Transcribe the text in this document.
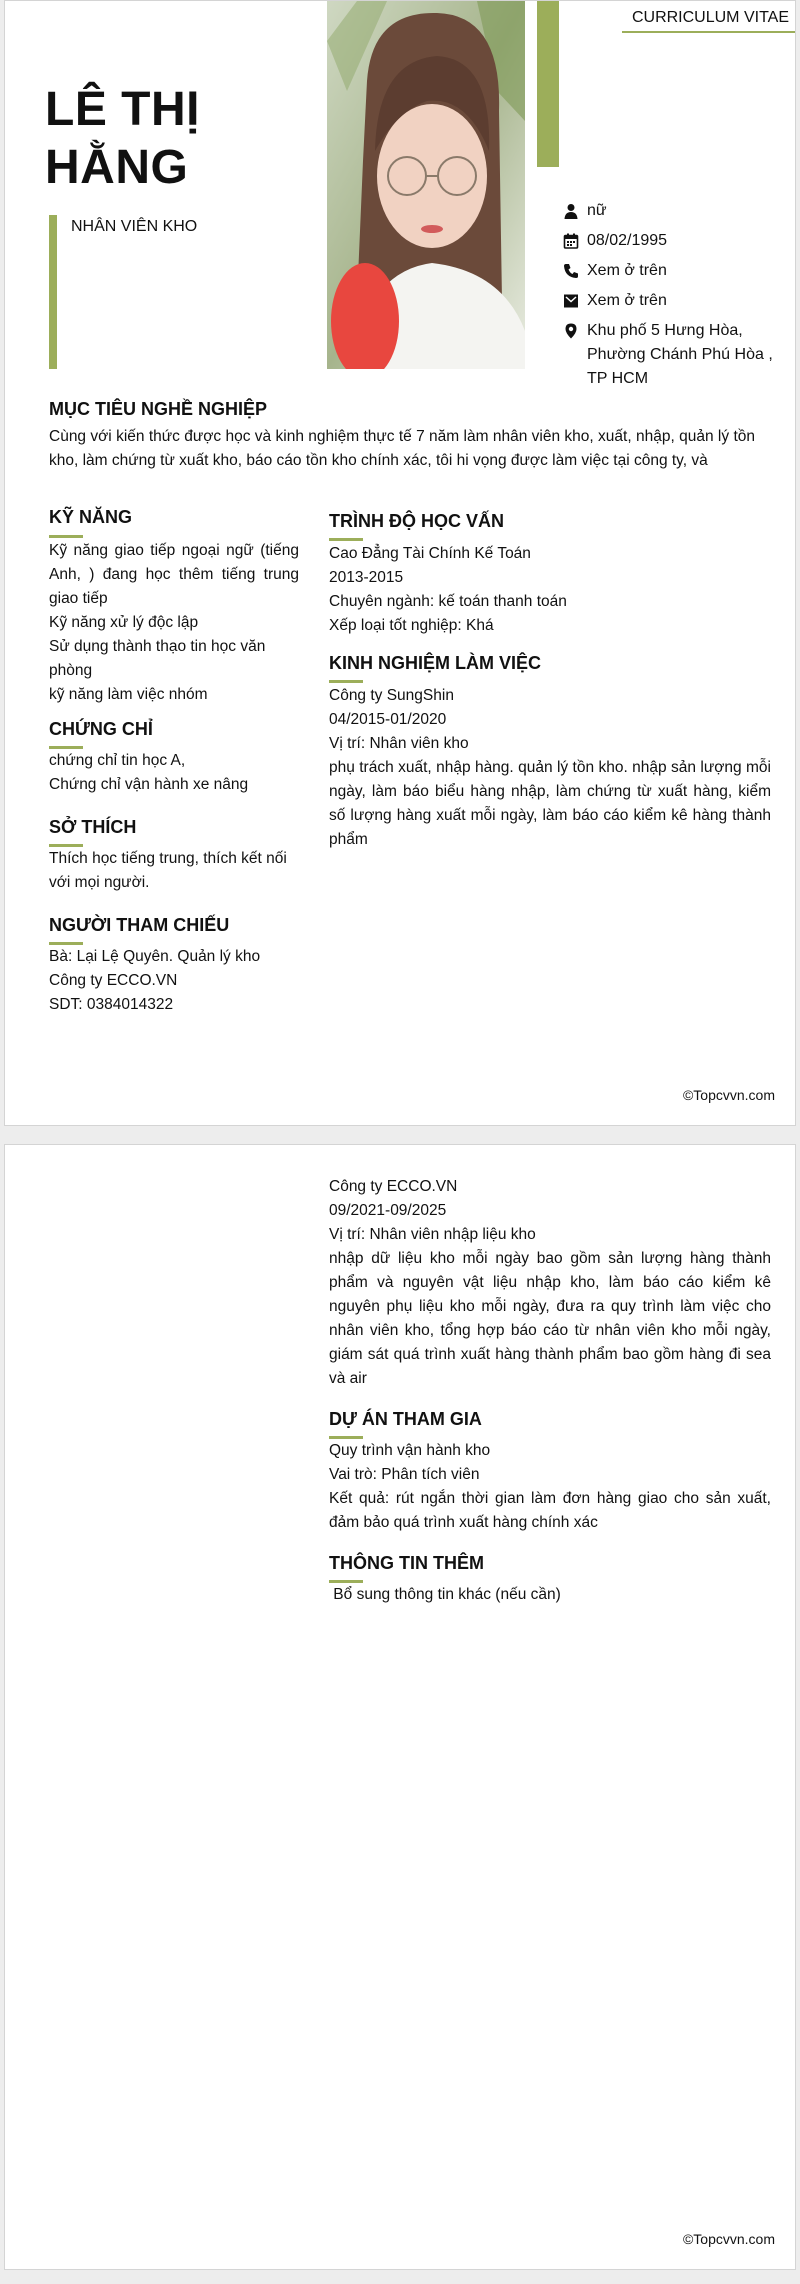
CURRICULUM VITAE
LÊ THỊ
HẰNG
NHÂN VIÊN KHO
nữ
08/02/1995
Xem ở trên
Xem ở trên
Khu phố 5 Hưng Hòa, Phường Chánh Phú Hòa , TP HCM
MỤC TIÊU NGHỀ NGHIỆP
Cùng với kiến thức được học và kinh nghiệm thực tế 7 năm làm nhân viên kho, xuất, nhập, quản lý tồn kho, làm chứng từ xuất kho, báo cáo tồn kho chính xác, tôi hi vọng được làm việc tại công ty, và
KỸ NĂNG
Kỹ năng giao tiếp ngoại ngữ (tiếng Anh, ) đang học thêm tiếng trung giao tiếp
Kỹ năng xử lý độc lập
Sử dụng thành thạo tin học văn phòng
kỹ năng làm việc nhóm
CHỨNG CHỈ
chứng chỉ tin học A,
Chứng chỉ vận hành xe nâng
SỞ THÍCH
Thích học tiếng trung, thích kết nối với mọi người.
NGƯỜI THAM CHIẾU
Bà: Lại Lệ Quyên. Quản lý kho Công ty ECCO.VN
SDT: 0384014322
TRÌNH ĐỘ HỌC VẤN
Cao Đẳng Tài Chính Kế Toán
2013-2015
Chuyên ngành: kế toán thanh toán
Xếp loại tốt nghiệp: Khá
KINH NGHIỆM LÀM VIỆC
Công ty SungShin
04/2015-01/2020
Vị trí: Nhân viên kho
phụ trách xuất, nhập hàng. quản lý tồn kho. nhập sản lượng mỗi ngày, làm báo biểu hàng nhập, làm chứng từ xuất hàng, kiểm số lượng hàng xuất mỗi ngày, làm báo cáo kiểm kê hàng thành phẩm
©Topcvvn.com
Công ty ECCO.VN
09/2021-09/2025
Vị trí: Nhân viên nhập liệu kho
nhập dữ liệu kho mỗi ngày bao gồm sản lượng hàng thành phẩm và nguyên vật liệu nhập kho, làm báo cáo kiểm kê nguyên phụ liệu kho mỗi ngày, đưa ra quy trình làm việc cho nhân viên kho, tổng hợp báo cáo từ nhân viên kho mỗi ngày, giám sát quá trình xuất hàng thành phẩm bao gồm hàng đi sea và air
DỰ ÁN THAM GIA
Quy trình vận hành kho
Vai trò: Phân tích viên
Kết quả: rút ngắn thời gian làm đơn hàng giao cho sản xuất, đảm bảo quá trình xuất hàng chính xác
THÔNG TIN THÊM
Bổ sung thông tin khác (nếu cần)
©Topcvvn.com
